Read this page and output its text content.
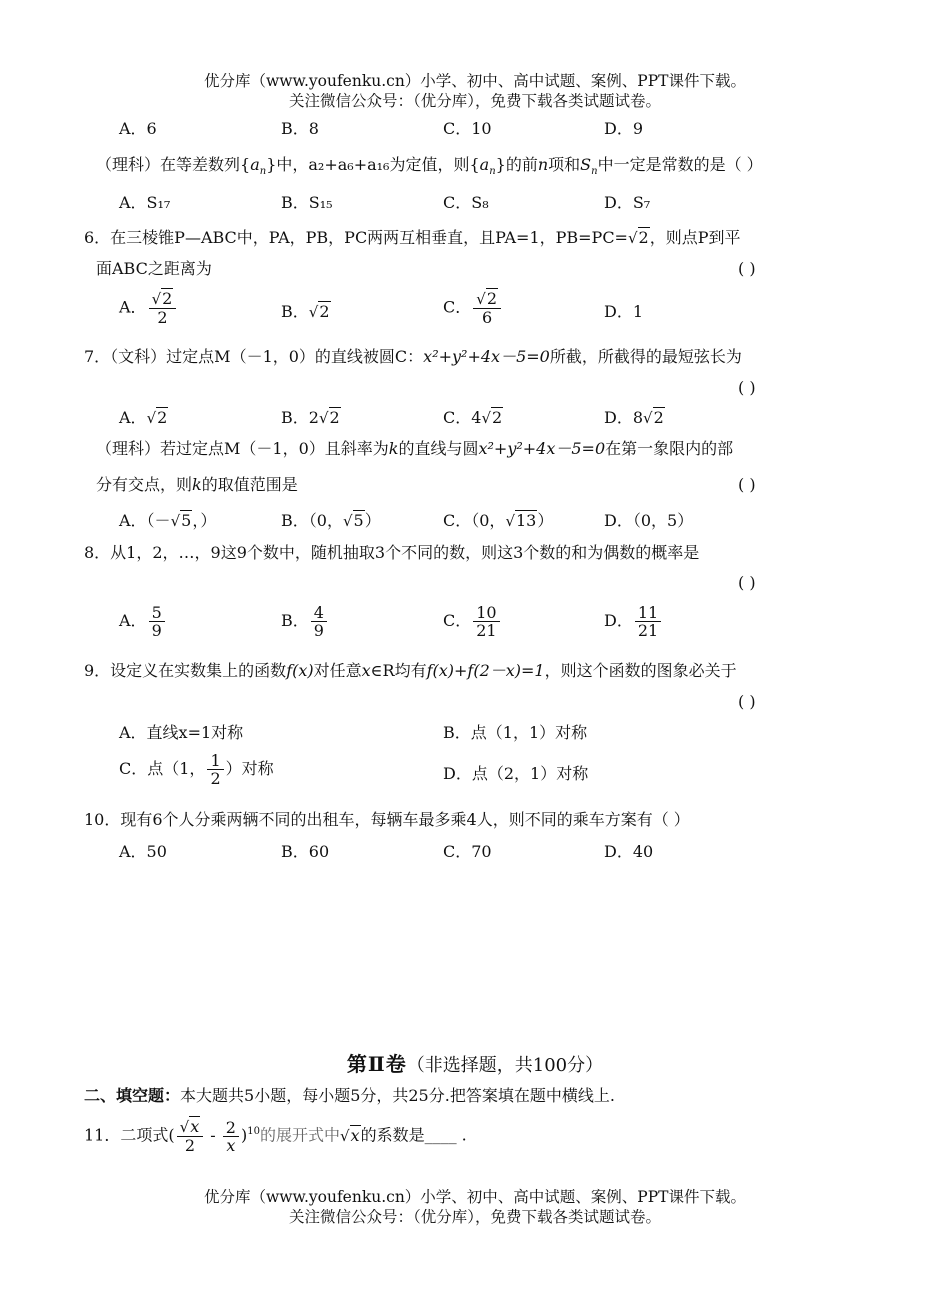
优分库（www.youfenku.cn）小学、初中、高中试题、案例、PPT课件下载。
关注微信公众号：（优分库），免费下载各类试题试卷。
A．6	B．8	C．10	D．9
（理科）在等差数列$\{a_n\}$中，a₂+a₆+a₁₆为定值，则$\{a_n\}$的前n项和$S_n$中一定是常数的是（ ）
A．S₁₇	B．S₁₅	C．S₈	D．S₇
6．在三棱锥P—ABC中，PA，PB，PC两两互相垂直，且PA=1，PB=PC=√2，则点P到平
面ABC之距离为	( )
A． $\frac{√2}{2}$	B．√2	C． $\frac{√2}{6}$	D．1
7．（文科）过定点M（－1，0）的直线被圆C：x²+y²+4x－5=0所截，所截得的最短弦长为
( )
A．√2	B．2√2	C．4√2	D．8√2
（理科）若过定点M（－1，0）且斜率为k的直线与圆x²+y²+4x－5=0在第一象限内的部
分有交点，则k的取值范围是	( )
A．（－√5，）	B．（0，√5）	C．（0，√13）	D．（0，5）
8．从1，2，…，9这9个数中，随机抽取3个不同的数，则这3个数的和为偶数的概率是
( )
A． $\frac{5}{9}$	B． $\frac{4}{9}$	C． $\frac{10}{21}$	D． $\frac{11}{21}$
9．设定义在实数集上的函数f(x)对任意x∈R均有f(x)+f(2－x)=1，则这个函数的图象必关于
( )
A．直线x=1对称	B．点（1，1）对称
C．点（1， $\frac{1}{2}$ ）对称	D．点（2，1）对称
10．现有6个人分乘两辆不同的出租车，每辆车最多乘4人，则不同的乘车方案有（ ）
A．50	B．60	C．70	D．40
第Ⅱ卷（非选择题，共100分）
二、填空题：本大题共5小题，每小题5分，共25分.把答案填在题中横线上.
11．二项式( $\frac{√x}{2} - \frac{2}{x} )^{10}$的展开式中√x的系数是____ .
优分库（www.youfenku.cn）小学、初中、高中试题、案例、PPT课件下载。
关注微信公众号：（优分库），免费下载各类试题试卷。
